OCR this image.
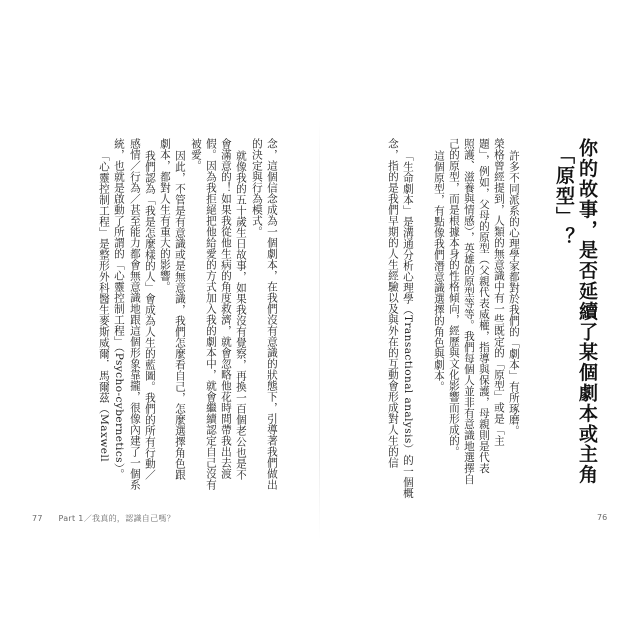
你的故事，是否延續了某個劇本或主角
「原型」？

許多不同派系的心理學家都對於我們的「劇本」有所琢磨。

榮格曾經提到，人類的無意識中有一些既定的「原型」或是「主

題」，例如，父母的原型（父親代表威權，指導與保護，母親則是代表

照護、滋養與情感），英雄的原型等等。我們每個人並非有意識地選擇自

己的原型，而是根據本身的性格傾向，經歷與文化影響而形成的。

這個原型，有點像我們潛意識選擇的角色與劇本。

「生命劇本」是溝通分析心理學（Transactional analysis）的一個概

念，指的是我們早期的人生經驗以及與外在的互動會形成對人生的信

念，這個信念成為一個劇本，在我們沒有意識的狀態下，引導著我們做出

的決定與行為模式。

就像我的五十歲生日故事，如果我沒有覺察，再換一百個老公也是不

會滿意的！如果我從他生病的角度救濟，就會忽略他花時間帶我出去渡

假。因為我拒絕把他給愛的方式加入我的劇本中，就會繼續認定自己沒有

被愛。

因此，不管是有意識或是無意識，我們怎麼看自己，怎麼選擇角色跟

劇本，都對人生有重大的影響。

我們認為「我是怎麼樣的人」會成為人生的藍圖。我們的所有行動／

感情／行為／甚至能力都會無意識地跟這個形象靠攏，很像內建了一個系

統，也就是啟動了所謂的「心靈控制工程」（Psycho-cybernetics）。

「心靈控制工程」是整形外科醫生麥斯威爾．馬爾茲（Maxwell

77 Part 1／我真的，認識自己嗎？	76
